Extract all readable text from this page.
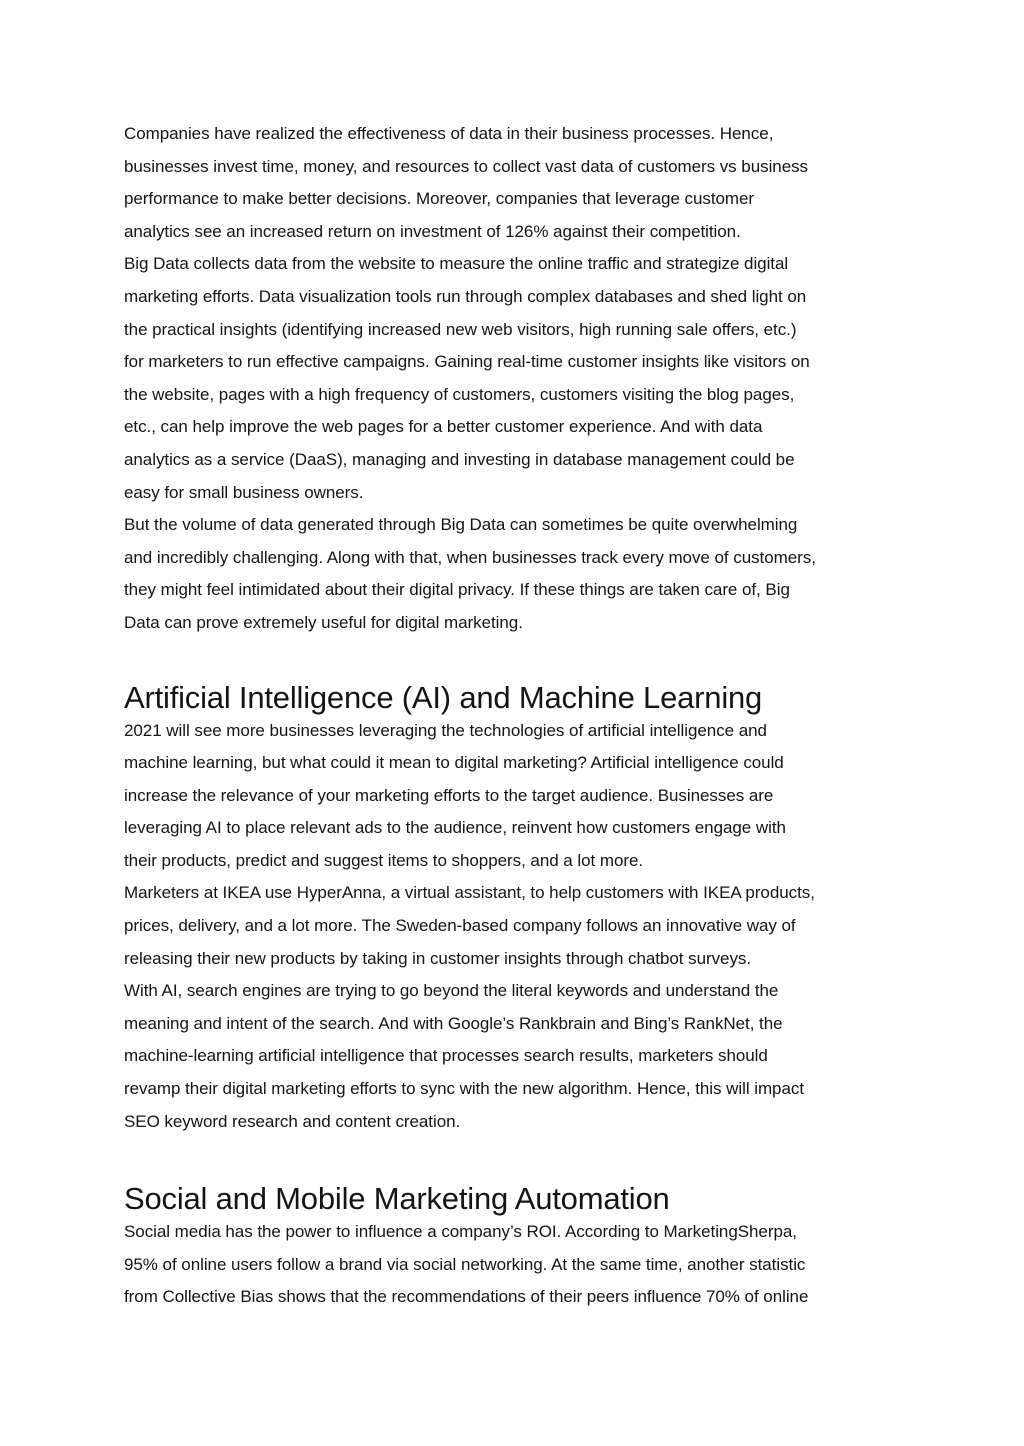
Companies have realized the effectiveness of data in their business processes. Hence,
businesses invest time, money, and resources to collect vast data of customers vs business
performance to make better decisions. Moreover, companies that leverage customer
analytics see an increased return on investment of 126% against their competition.

Big Data collects data from the website to measure the online traffic and strategize digital
marketing efforts. Data visualization tools run through complex databases and shed light on
the practical insights (identifying increased new web visitors, high running sale offers, etc.)
for marketers to run effective campaigns. Gaining real-time customer insights like visitors on
the website, pages with a high frequency of customers, customers visiting the blog pages,
etc., can help improve the web pages for a better customer experience. And with data
analytics as a service (DaaS), managing and investing in database management could be
easy for small business owners.

But the volume of data generated through Big Data can sometimes be quite overwhelming
and incredibly challenging. Along with that, when businesses track every move of customers,
they might feel intimidated about their digital privacy. If these things are taken care of, Big
Data can prove extremely useful for digital marketing.

Artificial Intelligence (AI) and Machine Learning

2021 will see more businesses leveraging the technologies of artificial intelligence and
machine learning, but what could it mean to digital marketing? Artificial intelligence could
increase the relevance of your marketing efforts to the target audience. Businesses are
leveraging AI to place relevant ads to the audience, reinvent how customers engage with
their products, predict and suggest items to shoppers, and a lot more.

Marketers at IKEA use HyperAnna, a virtual assistant, to help customers with IKEA products,
prices, delivery, and a lot more. The Sweden-based company follows an innovative way of
releasing their new products by taking in customer insights through chatbot surveys.

With AI, search engines are trying to go beyond the literal keywords and understand the
meaning and intent of the search. And with Google’s Rankbrain and Bing’s RankNet, the
machine-learning artificial intelligence that processes search results, marketers should
revamp their digital marketing efforts to sync with the new algorithm. Hence, this will impact
SEO keyword research and content creation.

Social and Mobile Marketing Automation

Social media has the power to influence a company’s ROI. According to MarketingSherpa,
95% of online users follow a brand via social networking. At the same time, another statistic
from Collective Bias shows that the recommendations of their peers influence 70% of online
